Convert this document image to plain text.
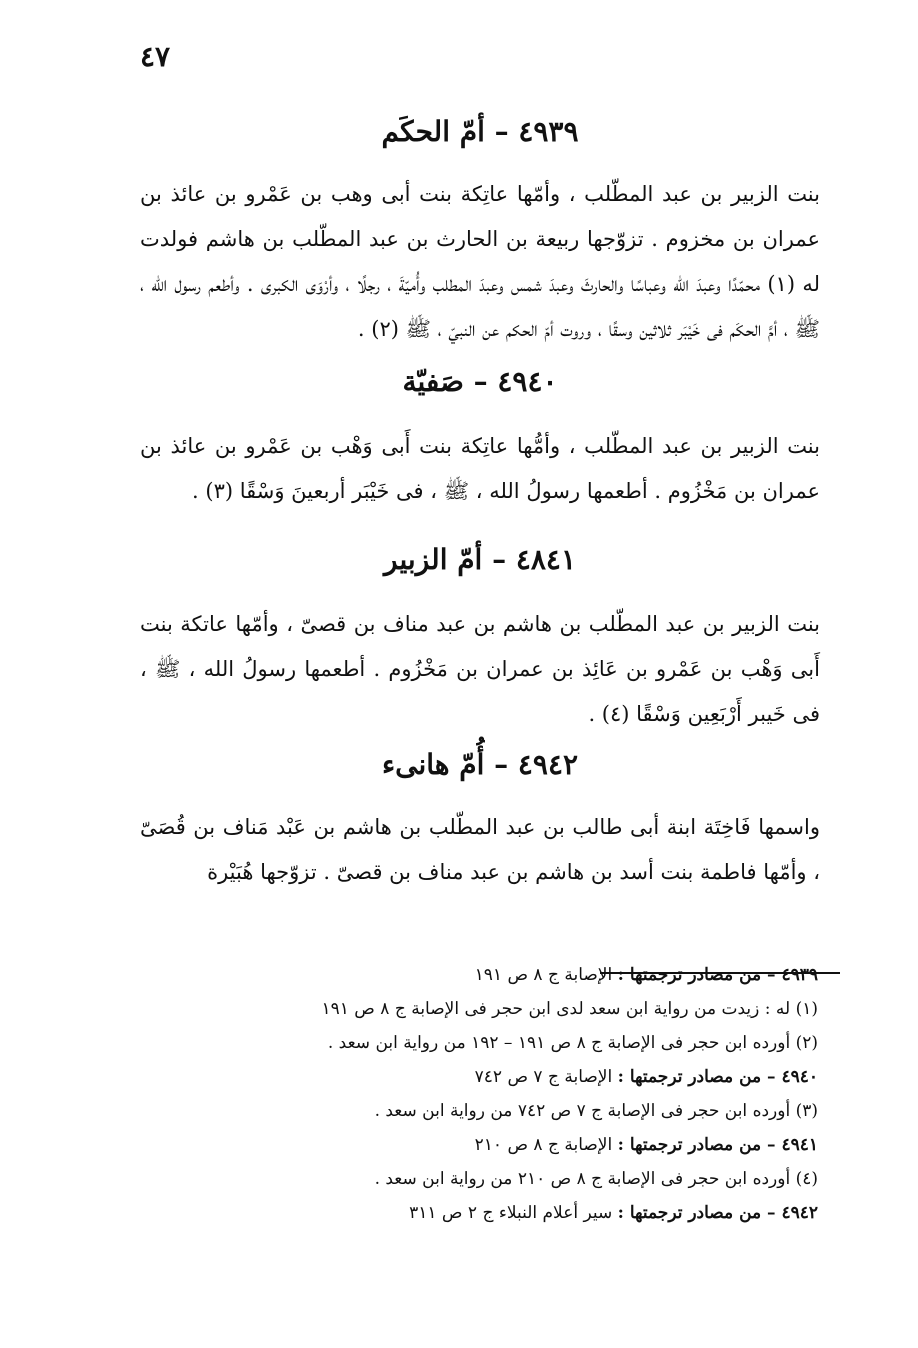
٤٧
٤٩٣٩ – أمّ الحكَم

بنت الزبير بن عبد المطّلب ، وأمّها عاتِكة بنت أبى وهب بن عَمْرو بن عائذ بن عمران بن مخزوم . تزوّجها ربيعة بن الحارث بن عبد المطّلب بن هاشم فولدت له (١) محمّدًا وعبدَ الله وعباسًا والحارثَ وعبدَ شمس وعبدَ المطلب وأُميّةَ ، رجلًا ، وأرْوَى الكبرى . وأطعم رسول الله ، ﷺ ، أمَّ الحكَم فى خَيْبَر ثلاثين وسقًا ، وروت أمّ الحكم عن النبيّ ، ﷺ (٢) .

٤٩٤٠ – صَفيّة

بنت الزبير بن عبد المطّلب ، وأمُّها عاتِكة بنت أَبى وَهْب بن عَمْرو بن عائذ بن عمران بن مَخْزُوم . أطعمها رسولُ الله ، ﷺ ، فى خَيْبَر أربعينَ وَسْقًا (٣) .

٤٨٤١ – أمّ الزبير

بنت الزبير بن عبد المطّلب بن هاشم بن عبد مناف بن قصىّ ، وأمّها عاتكة بنت أَبى وَهْب بن عَمْرو بن عَائِذ بن عمران بن مَخْزُوم . أطعمها رسولُ الله ، ﷺ ، فى خَيبر أَرْبَعِين وَسْقًا (٤) .

٤٩٤٢ – أُمّ هانىء

واسمها فَاخِتَة ابنة أبى طالب بن عبد المطّلب بن هاشم بن عَبْد مَناف بن قُصَىّ ، وأمّها فاطمة بنت أسد بن هاشم بن عبد مناف بن قصىّ . تزوّجها هُبَيْرة

٤٩٣٩ – من مصادر ترجمتها : الإصابة ج ٨ ص ١٩١

(١) له : زيدت من رواية ابن سعد لدى ابن حجر فى الإصابة ج ٨ ص ١٩١

(٢) أورده ابن حجر فى الإصابة ج ٨ ص ١٩١ – ١٩٢ من رواية ابن سعد .

٤٩٤٠ – من مصادر ترجمتها : الإصابة ج ٧ ص ٧٤٢

(٣) أورده ابن حجر فى الإصابة ج ٧ ص ٧٤٢ من رواية ابن سعد .

٤٩٤١ – من مصادر ترجمتها : الإصابة ج ٨ ص ٢١٠

(٤) أورده ابن حجر فى الإصابة ج ٨ ص ٢١٠ من رواية ابن سعد .

٤٩٤٢ – من مصادر ترجمتها : سير أعلام النبلاء ج ٢ ص ٣١١
